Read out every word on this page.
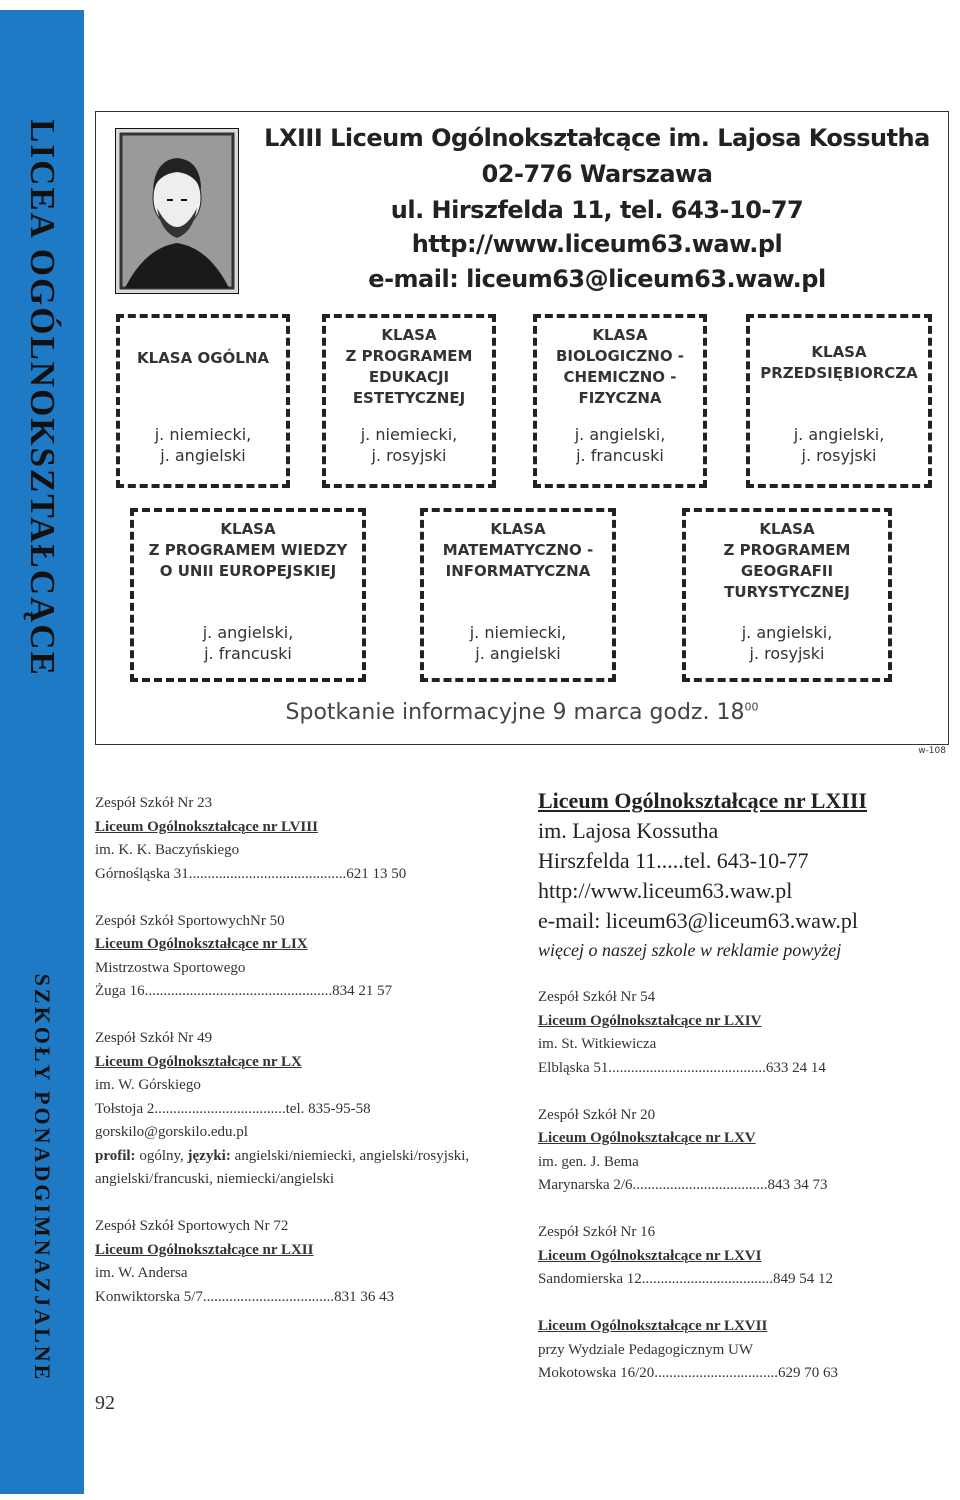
LICEA OGÓLNOKSZTAŁCĄCE
SZKOŁY PONADGIMNAZJALNE
LXIII Liceum Ogólnokształcące im. Lajosa Kossutha
02-776 Warszawa
ul. Hirszfelda 11, tel. 643-10-77
http://www.liceum63.waw.pl
e-mail: liceum63@liceum63.waw.pl
KLASA OGÓLNA
j. niemiecki,
j. angielski
KLASA
Z PROGRAMEM
EDUKACJI
ESTETYCZNEJ
j. niemiecki,
j. rosyjski
KLASA
BIOLOGICZNO -
CHEMICZNO -
FIZYCZNA
j. angielski,
j. francuski
KLASA
PRZEDSIĘBIORCZA
j. angielski,
j. rosyjski
KLASA
Z PROGRAMEM WIEDZY
O UNII EUROPEJSKIEJ
j. angielski,
j. francuski
KLASA
MATEMATYCZNO -
INFORMATYCZNA
j. niemiecki,
j. angielski
KLASA
Z PROGRAMEM
GEOGRAFII
TURYSTYCZNEJ
j. angielski,
j. rosyjski
Spotkanie informacyjne 9 marca godz. $18^{00}$
w-108
Zespół Szkół Nr 23
Liceum Ogólnokształcące nr LVIII
im. K. K. Baczyńskiego
Górnośląska 31..........................................621 13 50
Zespół Szkół SportowychNr 50
Liceum Ogólnokształcące nr LIX
Mistrzostwa Sportowego
Żuga 16..................................................834 21 57
Zespół Szkół Nr 49
Liceum Ogólnokształcące nr LX
im. W. Górskiego
Tołstoja 2...................................tel. 835-95-58
gorskilo@gorskilo.edu.pl
profil: ogólny, języki: angielski/niemiecki, angielski/rosyjski, angielski/francuski, niemiecki/angielski
Zespół Szkół Sportowych Nr 72
Liceum Ogólnokształcące nr LXII
im. W. Andersa
Konwiktorska 5/7...................................831 36 43
Liceum Ogólnokształcące nr LXIII
im. Lajosa Kossutha
Hirszfelda 11.....tel. 643-10-77
http://www.liceum63.waw.pl
e-mail: liceum63@liceum63.waw.pl
więcej o naszej szkole w reklamie powyżej
Zespół Szkół Nr 54
Liceum Ogólnokształcące nr LXIV
im. St. Witkiewicza
Elbląska 51..........................................633 24 14
Zespół Szkół Nr 20
Liceum Ogólnokształcące nr LXV
im. gen. J. Bema
Marynarska 2/6....................................843 34 73
Zespół Szkół Nr 16
Liceum Ogólnokształcące nr LXVI
Sandomierska 12...................................849 54 12
Liceum Ogólnokształcące nr LXVII
przy Wydziale Pedagogicznym UW
Mokotowska 16/20.................................629 70 63
92
